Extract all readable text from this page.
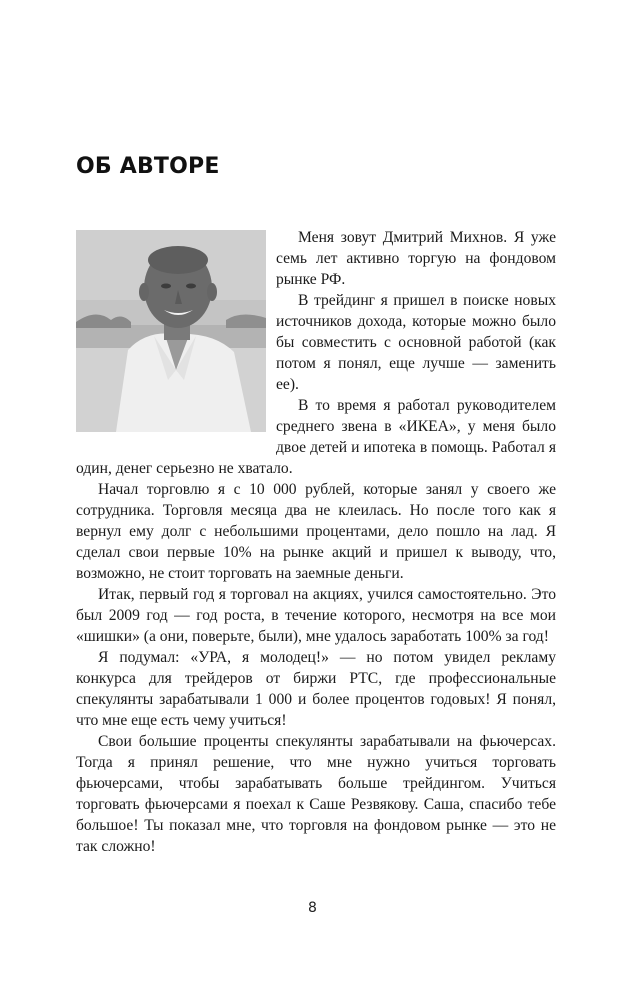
ОБ АВТОРЕ

Меня зовут Дмитрий Михнов. Я уже семь лет активно торгую на фондовом рынке РФ.

В трейдинг я пришел в поиске новых источников дохода, которые можно было бы совместить с основной работой (как потом я понял, еще лучше — заменить ее).

В то время я работал руководителем среднего звена в «ИКЕА», у меня было двое детей и ипотека в помощь. Работал я один, денег серьезно не хватало.

Начал торговлю я с 10 000 рублей, которые занял у своего же сотрудника. Торговля месяца два не клеилась. Но после того как я вернул ему долг с небольшими процентами, дело пошло на лад. Я сделал свои первые 10% на рынке акций и пришел к выводу, что, возможно, не стоит торговать на заемные деньги.

Итак, первый год я торговал на акциях, учился самостоятельно. Это был 2009 год — год роста, в течение которого, несмотря на все мои «шишки» (а они, поверьте, были), мне удалось заработать 100% за год!

Я подумал: «УРА, я молодец!» — но потом увидел рекламу конкурса для трейдеров от биржи РТС, где профессиональные спекулянты зарабатывали 1 000 и более процентов годовых! Я понял, что мне еще есть чему учиться!

Свои большие проценты спекулянты зарабатывали на фьючерсах. Тогда я принял решение, что мне нужно учиться торговать фьючерсами, чтобы зарабатывать больше трейдингом. Учиться торговать фьючерсами я поехал к Саше Резвякову. Саша, спасибо тебе большое! Ты показал мне, что торговля на фондовом рынке — это не так сложно!

8
